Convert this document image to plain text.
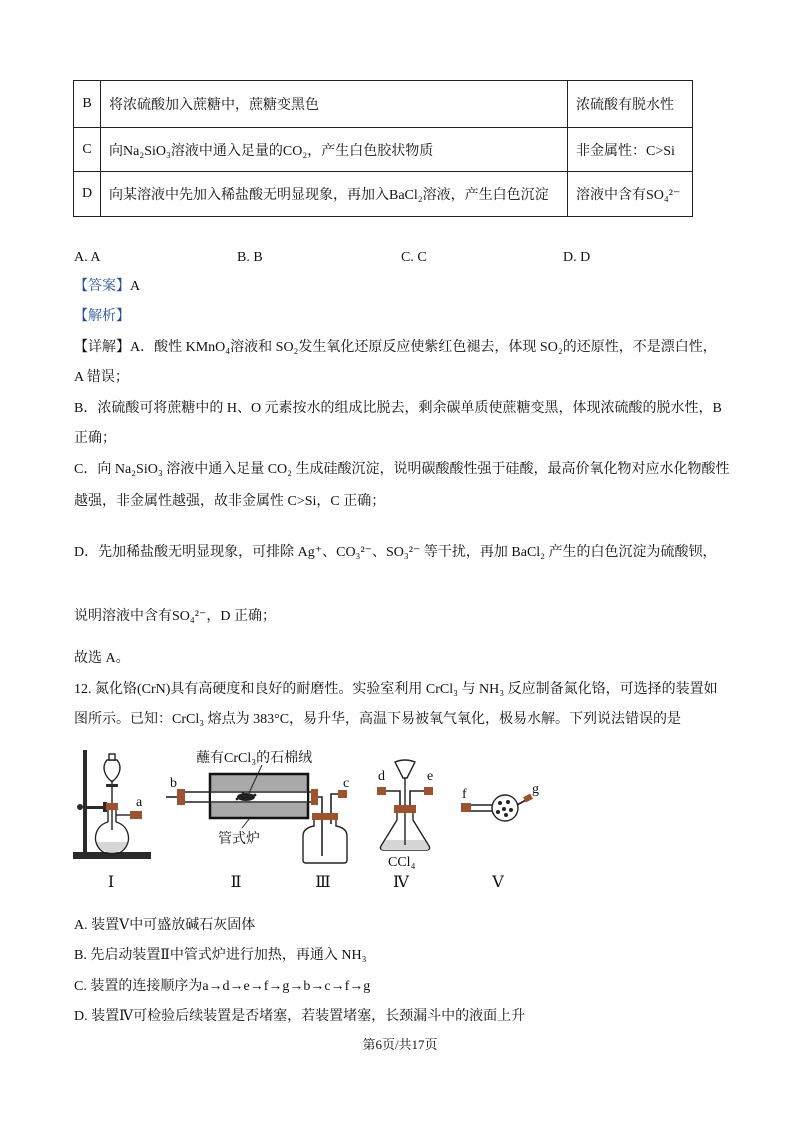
B	将浓硫酸加入蔗糖中，蔗糖变黑色	浓硫酸有脱水性
C	向Na₂SiO₃溶液中通入足量的CO₂，产生白色胶状物质	非金属性：C>Si
D	向某溶液中先加入稀盐酸无明显现象，再加入BaCl₂溶液，产生白色沉淀	溶液中含有SO₄²⁻
A. A	B. B	C. C	D. D
【答案】A
【解析】
【详解】A．酸性 KMnO₄溶液和 SO₂发生氧化还原反应使紫红色褪去，体现 SO₂的还原性，不是漂白性，
A 错误；
B．浓硫酸可将蔗糖中的 H、O 元素按水的组成比脱去，剩余碳单质使蔗糖变黑，体现浓硫酸的脱水性，B
正确；
C．向 Na₂SiO₃ 溶液中通入足量 CO₂ 生成硅酸沉淀，说明碳酸酸性强于硅酸，最高价氧化物对应水化物酸性
越强，非金属性越强，故非金属性 C>Si，C 正确；
D．先加稀盐酸无明显现象，可排除 Ag⁺、CO₃²⁻、SO₃²⁻ 等干扰，再加 BaCl₂ 产生的白色沉淀为硫酸钡，
说明溶液中含有SO₄²⁻，D 正确；
故选 A。
12. 氮化铬(CrN)具有高硬度和良好的耐磨性。实验室利用 CrCl₃ 与 NH₃ 反应制备氮化铬，可选择的装置如
图所示。已知：CrCl₃ 熔点为 383°C，易升华，高温下易被氧气氧化，极易水解。下列说法错误的是
a
b
蘸有CrCl₃的石棉绒
管式炉
c d	e
CCl₄
f	g
Ⅰ	Ⅱ	Ⅲ	Ⅳ	Ⅴ
A. 装置Ⅴ中可盛放碱石灰固体
B. 先启动装置Ⅱ中管式炉进行加热，再通入 NH₃
C. 装置的连接顺序为a→d→e→f→g→b→c→f→g
D. 装置Ⅳ可检验后续装置是否堵塞，若装置堵塞，长颈漏斗中的液面上升
第6页/共17页
